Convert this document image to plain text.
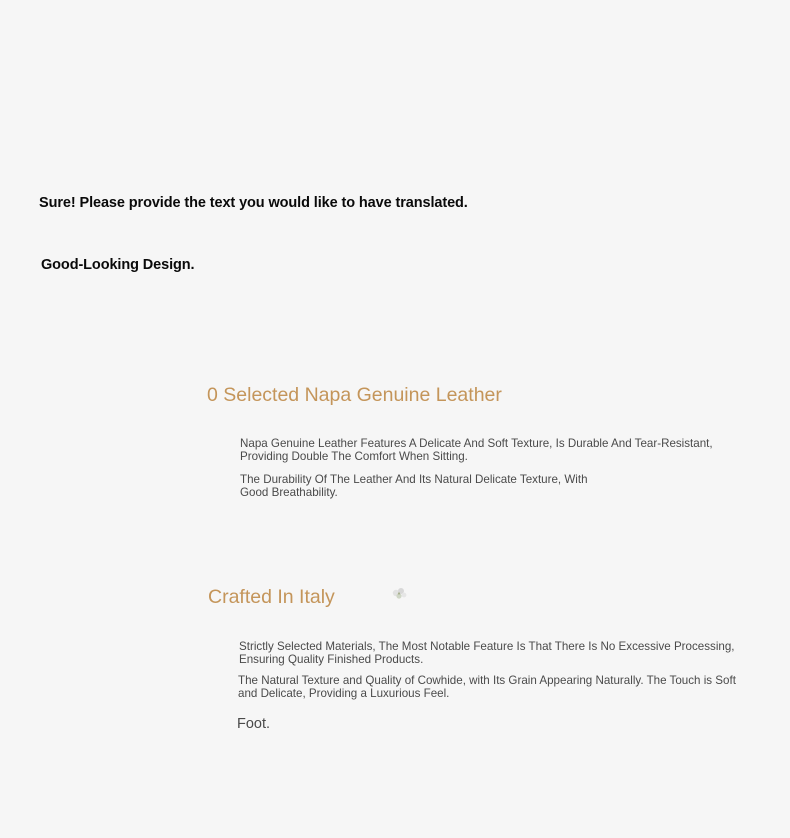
Sure! Please provide the text you would like to have translated.

Good-Looking Design.

0 Selected Napa Genuine Leather

Napa Genuine Leather Features A Delicate And Soft Texture, Is Durable And Tear-Resistant, Providing Double The Comfort When Sitting.

The Durability Of The Leather And Its Natural Delicate Texture, With Good Breathability.

Crafted In Italy

Strictly Selected Materials, The Most Notable Feature Is That There Is No Excessive Processing, Ensuring Quality Finished Products.

The Natural Texture and Quality of Cowhide, with Its Grain Appearing Naturally. The Touch is Soft and Delicate, Providing a Luxurious Feel.

Foot.
